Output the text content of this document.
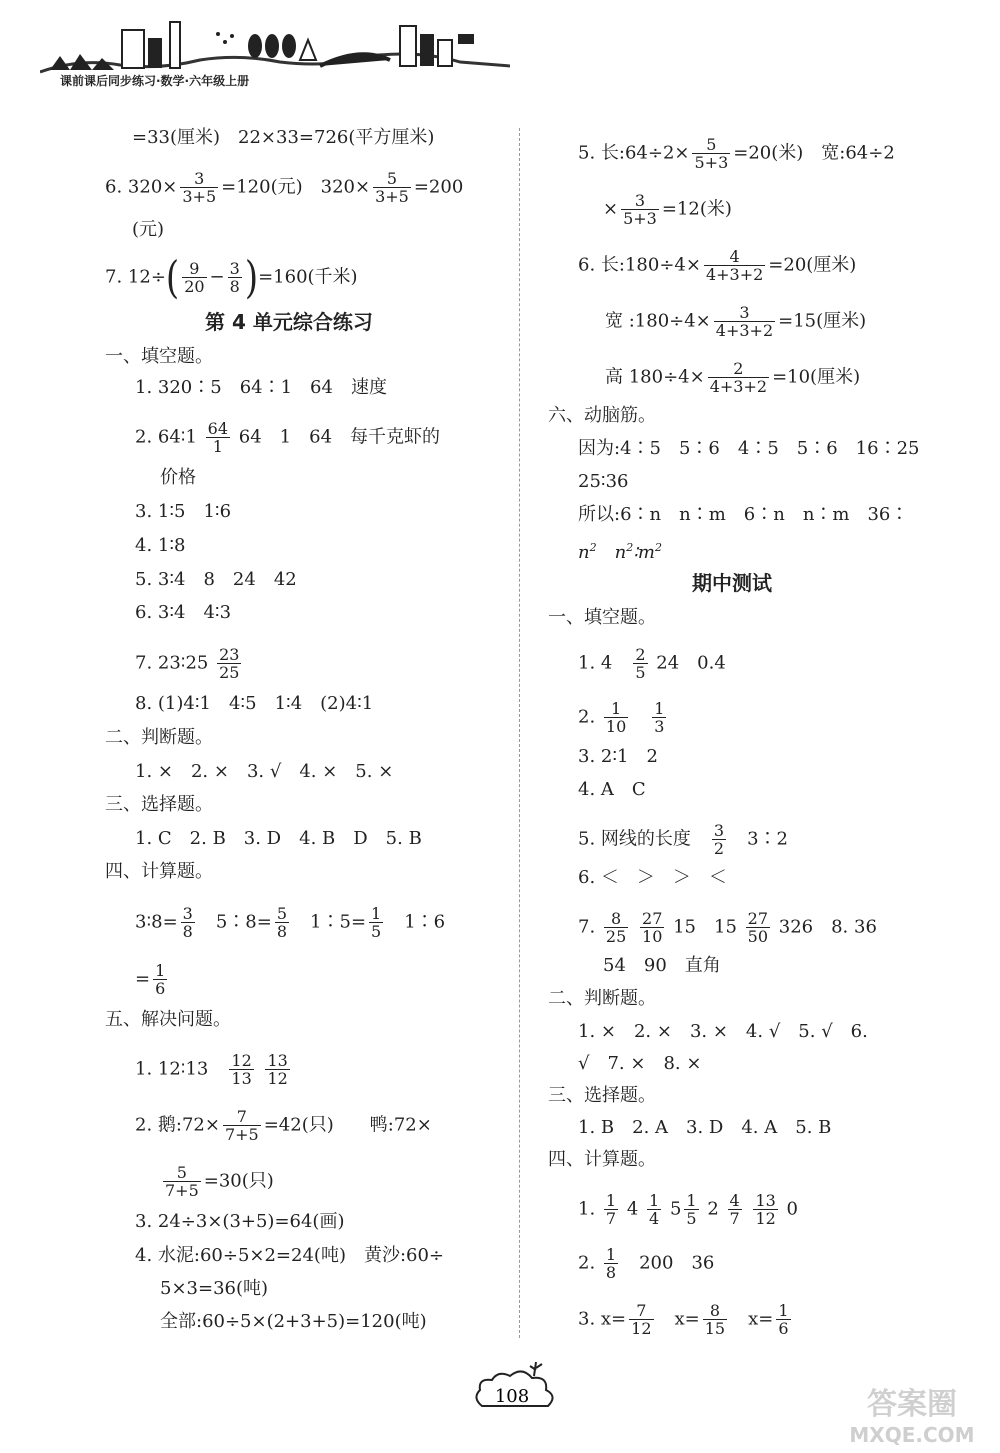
课前课后同步练习·数学·六年级上册
=33(厘米)　22×33=726(平方厘米)
6. $320\times \frac{3}{3+5} =120$(元)　$320\times \frac{5}{3+5} =200$
(元)
7. $12\div( \frac{9}{20} - \frac{3}{8} )=160$(千米)
第 4 单元综合练习
一、填空题。
1. 320∶5　64∶1　64　速度
2. 64∶1 $\frac{64}{1} 64$　1　64　每千克虾的
价格
3. 1∶5　1∶6
4. 1∶8
5. 3∶4　8　24　42
6. 3∶4　4∶3
7. 23∶25 $\frac{23}{25}$
8. (1)4∶1　4∶5　1∶4　(2)4∶1
二、判断题。
1. ×　2. ×　3. √　4. ×　5. ×
三、选择题。
1. C　2. B　3. D　4. B　D　5. B
四、计算题。
3∶8= $\frac{3}{8}$
　 5∶8= $\frac{5}{8}$
　 1∶5= $\frac{1}{5}$
　 1∶6
= $\frac{1}{6}$
五、解决问题。
1. 12∶13　 $\frac{12}{13}$
$\frac{13}{12}$
2. 鹅:72× $\frac{7}{7+5} =42$(只)　　鸭:72×
$\frac{5}{7+5} =30$(只)
3. 24÷3×(3+5)=64(画)
4. 水泥:60÷5×2=24(吨)　黄沙:60÷
5×3=36(吨)
全部:60÷5×(2+3+5)=120(吨)
5. 长:64÷2× $\frac{5}{5+3} =20$(米)　宽:64÷2
× $\frac{3}{5+3} =12$(米)
6. 长:180÷4× $\frac{4}{4+3+2} =20$(厘米)
宽 :180÷4× $\frac{3}{4+3+2} =15$(厘米)
高 $180\div 4\times \frac{2}{4+3+2} =10$(厘米)
六、动脑筋。
因为:4∶5　5∶6　4∶5　5∶6　16∶25
25∶36
所以:6∶n　n∶m　6∶n　n∶m　36∶
$n^2$　 $n^2∶m^2$
期中测试
一、填空题。
1. 4　 $\frac{2}{5} 24$　0.4
2. $\frac{1}{10}$
　 $\frac{1}{3}$
3. 2∶1　2
4. A　C
5. 网线的长度　 $\frac{3}{2}$
　 3∶2
6. ＜　＞　＞　＜
7. $\frac{8}{25}$
$\frac{27}{10} 15$　$15 \frac{27}{50} 326$　8. 36
54　90　直角
二、判断题。
1. ×　2. ×　3. ×　4. √　5. √　6.
√　7. ×　8. ×
三、选择题。
1. B　2. A　3. D　4. A　5. B
四、计算题。
1. $\frac{1}{7} 4 \frac{1}{4} 5 \frac{1}{5} 2 \frac{4}{7}$
$\frac{13}{12} 0$
2. $\frac{1}{8}$
　 200　36
3. $x= \frac{7}{12}$
　 $x= \frac{8}{15}$
　 $x= \frac{1}{6}$
108	答案圈
MXQE.COM
